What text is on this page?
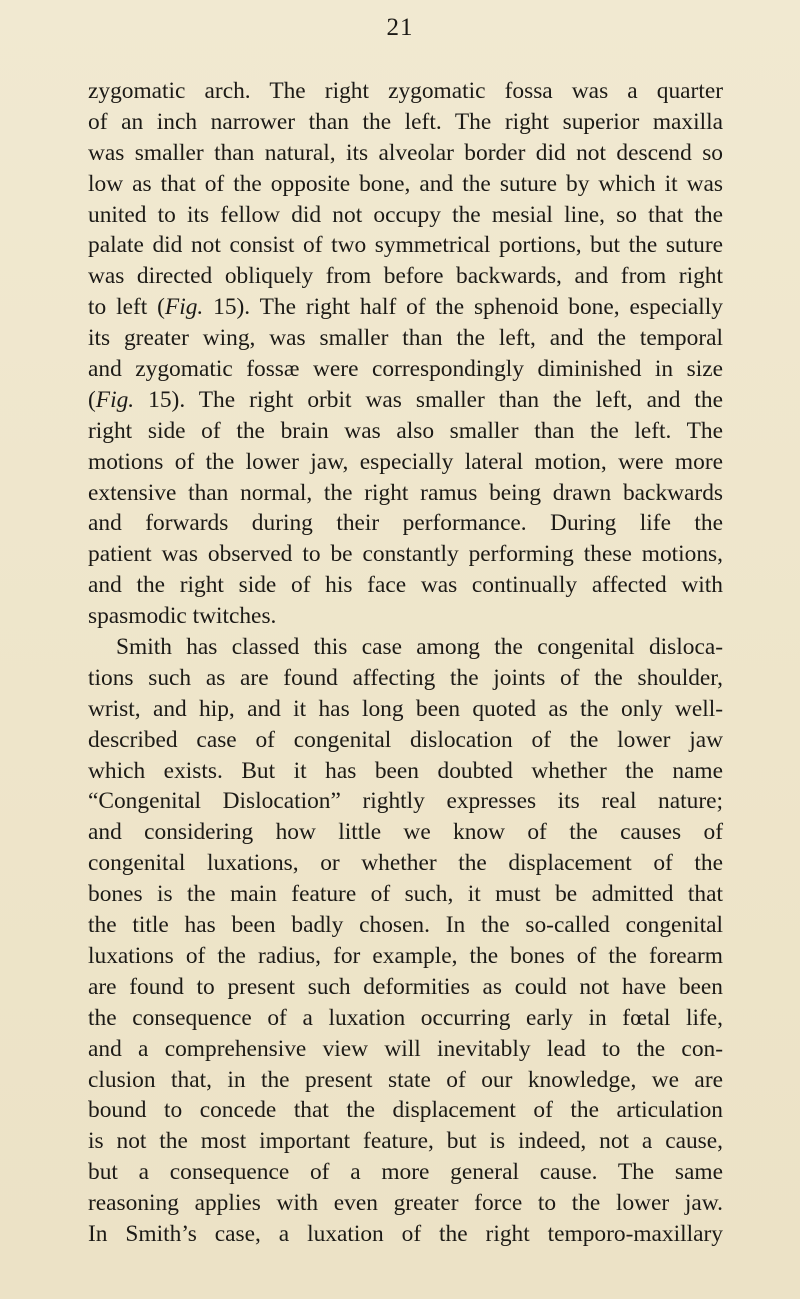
21
zygomatic arch. The right zygomatic fossa was a quarter
of an inch narrower than the left. The right superior maxilla
was smaller than natural, its alveolar border did not descend so
low as that of the opposite bone, and the suture by which it was
united to its fellow did not occupy the mesial line, so that the
palate did not consist of two symmetrical portions, but the suture
was directed obliquely from before backwards, and from right
to left (Fig. 15). The right half of the sphenoid bone, especially
its greater wing, was smaller than the left, and the temporal
and zygomatic fossæ were correspondingly diminished in size
(Fig. 15). The right orbit was smaller than the left, and the
right side of the brain was also smaller than the left. The
motions of the lower jaw, especially lateral motion, were more
extensive than normal, the right ramus being drawn backwards
and forwards during their performance. During life the
patient was observed to be constantly performing these motions,
and the right side of his face was continually affected with
spasmodic twitches.
Smith has classed this case among the congenital disloca-
tions such as are found affecting the joints of the shoulder,
wrist, and hip, and it has long been quoted as the only well-
described case of congenital dislocation of the lower jaw
which exists. But it has been doubted whether the name
“Congenital Dislocation” rightly expresses its real nature;
and considering how little we know of the causes of
congenital luxations, or whether the displacement of the
bones is the main feature of such, it must be admitted that
the title has been badly chosen. In the so-called congenital
luxations of the radius, for example, the bones of the forearm
are found to present such deformities as could not have been
the consequence of a luxation occurring early in fœtal life,
and a comprehensive view will inevitably lead to the con-
clusion that, in the present state of our knowledge, we are
bound to concede that the displacement of the articulation
is not the most important feature, but is indeed, not a cause,
but a consequence of a more general cause. The same
reasoning applies with even greater force to the lower jaw.
In Smith’s case, a luxation of the right temporo-maxillary
